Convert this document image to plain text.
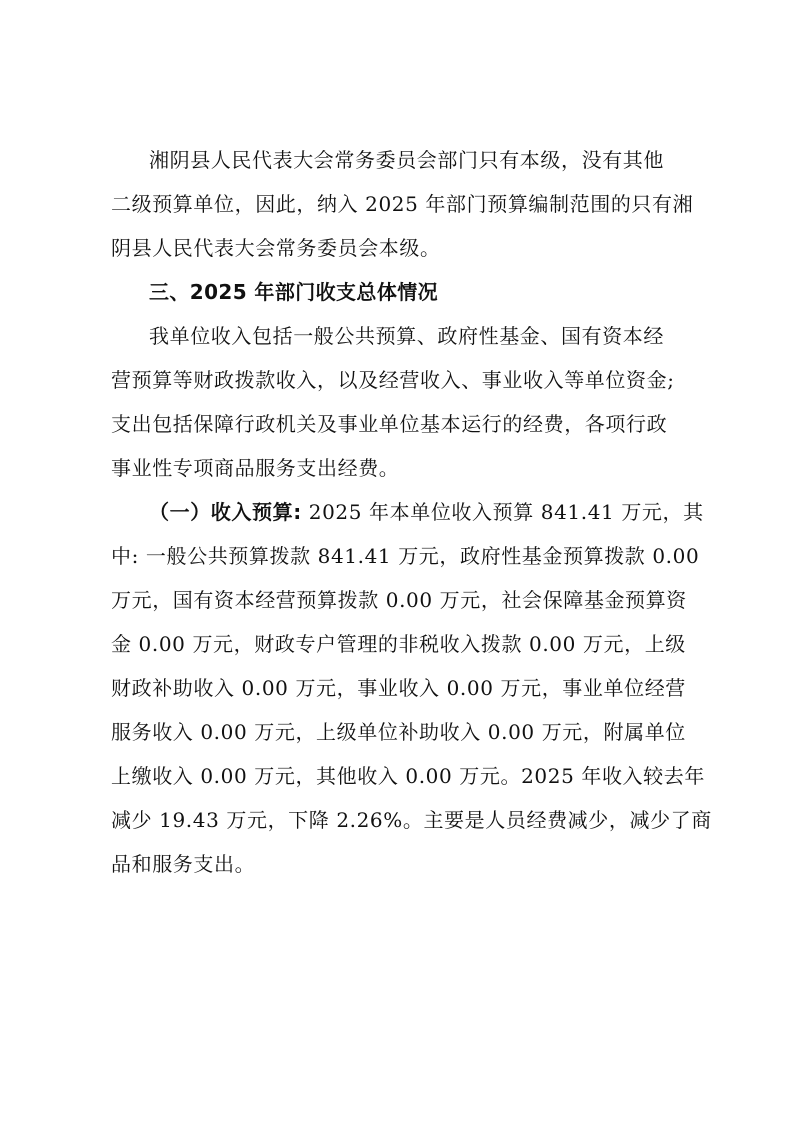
湘阴县人民代表大会常务委员会部门只有本级，没有其他

二级预算单位，因此，纳入 2025 年部门预算编制范围的只有湘

阴县人民代表大会常务委员会本级。

三、2025 年部门收支总体情况

我单位收入包括一般公共预算、政府性基金、国有资本经

营预算等财政拨款收入，以及经营收入、事业收入等单位资金;

支出包括保障行政机关及事业单位基本运行的经费，各项行政

事业性专项商品服务支出经费。

（一）收入预算: 2025 年本单位收入预算 841.41 万元，其

中: 一般公共预算拨款 841.41 万元，政府性基金预算拨款 0.00

万元，国有资本经营预算拨款 0.00 万元，社会保障基金预算资

金 0.00 万元，财政专户管理的非税收入拨款 0.00 万元，上级

财政补助收入 0.00 万元，事业收入 0.00 万元，事业单位经营

服务收入 0.00 万元，上级单位补助收入 0.00 万元，附属单位

上缴收入 0.00 万元，其他收入 0.00 万元。2025 年收入较去年

减少 19.43 万元，下降 2.26%。主要是人员经费减少，减少了商

品和服务支出。
